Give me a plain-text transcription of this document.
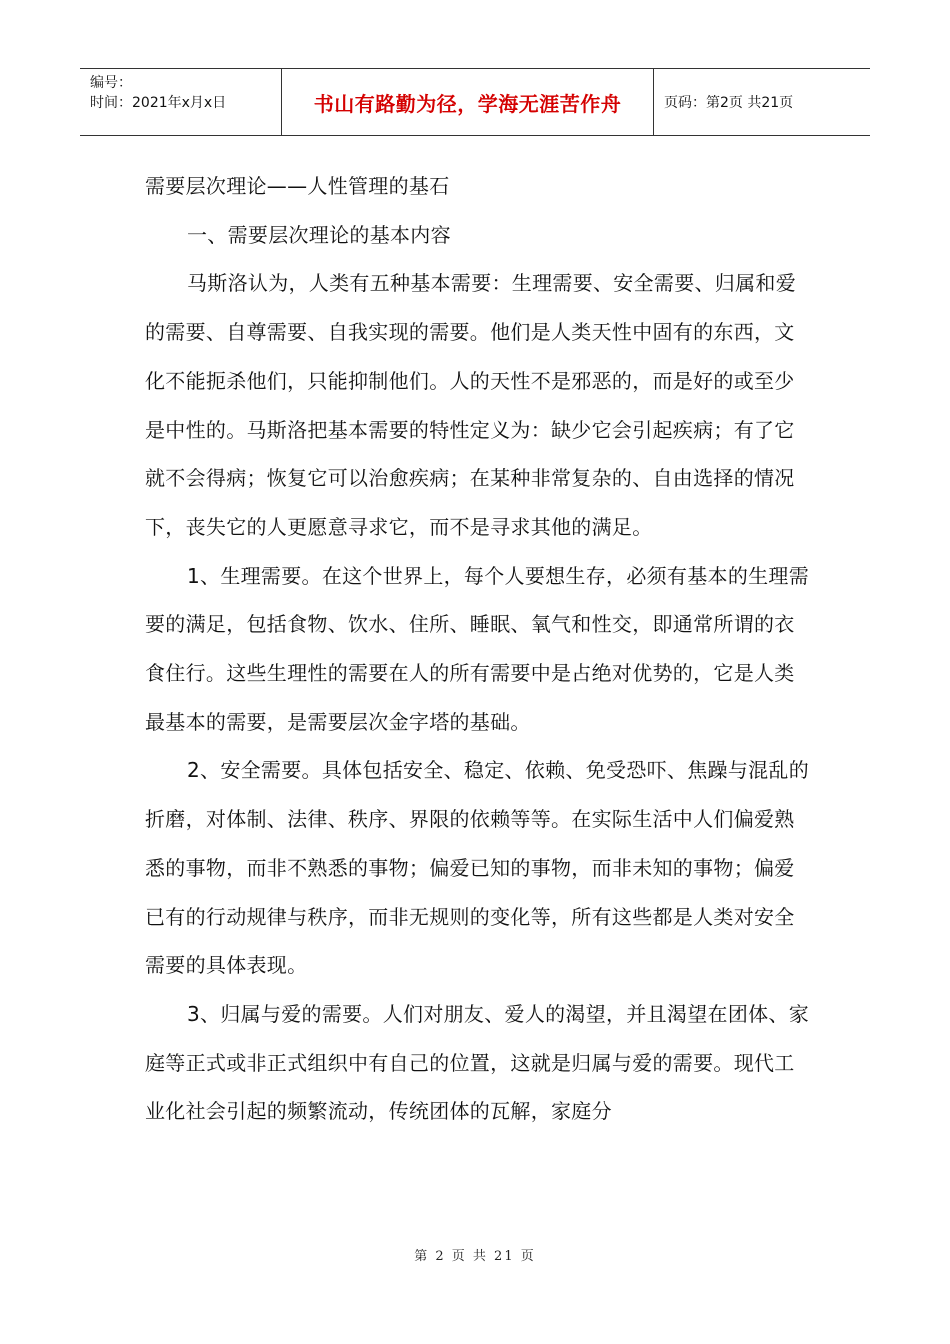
编号：
时间：2021年x月x日	书山有路勤为径，学海无涯苦作舟	页码：第2页 共21页

需要层次理论——人性管理的基石

一、需要层次理论的基本内容

马斯洛认为，人类有五种基本需要：生理需要、安全需要、归属和爱的需要、自尊需要、自我实现的需要。他们是人类天性中固有的东西，文化不能扼杀他们，只能抑制他们。人的天性不是邪恶的，而是好的或至少是中性的。马斯洛把基本需要的特性定义为：缺少它会引起疾病；有了它就不会得病；恢复它可以治愈疾病；在某种非常复杂的、自由选择的情况下，丧失它的人更愿意寻求它，而不是寻求其他的满足。

1、生理需要。在这个世界上，每个人要想生存，必须有基本的生理需要的满足，包括食物、饮水、住所、睡眠、氧气和性交，即通常所谓的衣食住行。这些生理性的需要在人的所有需要中是占绝对优势的，它是人类最基本的需要，是需要层次金字塔的基础。

2、安全需要。具体包括安全、稳定、依赖、免受恐吓、焦躁与混乱的折磨，对体制、法律、秩序、界限的依赖等等。在实际生活中人们偏爱熟悉的事物，而非不熟悉的事物；偏爱已知的事物，而非未知的事物；偏爱已有的行动规律与秩序，而非无规则的变化等，所有这些都是人类对安全需要的具体表现。

3、归属与爱的需要。人们对朋友、爱人的渴望，并且渴望在团体、家庭等正式或非正式组织中有自己的位置，这就是归属与爱的需要。现代工业化社会引起的频繁流动，传统团体的瓦解，家庭分

第 2 页 共 21 页
